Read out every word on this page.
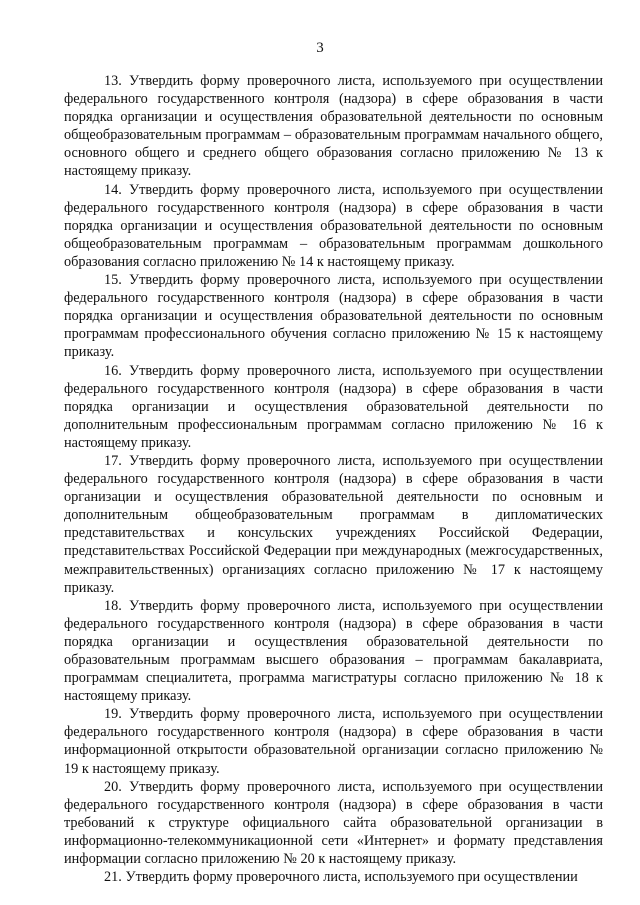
3

13. Утвердить форму проверочного листа, используемого при осуществлении федерального государственного контроля (надзора) в сфере образования в части порядка организации и осуществления образовательной деятельности по основным общеобразовательным программам – образовательным программам начального общего, основного общего и среднего общего образования согласно приложению № 13 к настоящему приказу.

14. Утвердить форму проверочного листа, используемого при осуществлении федерального государственного контроля (надзора) в сфере образования в части порядка организации и осуществления образовательной деятельности по основным общеобразовательным программам – образовательным программам дошкольного образования согласно приложению № 14 к настоящему приказу.

15. Утвердить форму проверочного листа, используемого при осуществлении федерального государственного контроля (надзора) в сфере образования в части порядка организации и осуществления образовательной деятельности по основным программам профессионального обучения согласно приложению № 15 к настоящему приказу.

16. Утвердить форму проверочного листа, используемого при осуществлении федерального государственного контроля (надзора) в сфере образования в части порядка организации и осуществления образовательной деятельности по дополнительным профессиональным программам согласно приложению № 16 к настоящему приказу.

17. Утвердить форму проверочного листа, используемого при осуществлении федерального государственного контроля (надзора) в сфере образования в части организации и осуществления образовательной деятельности по основным и дополнительным общеобразовательным программам в дипломатических представительствах и консульских учреждениях Российской Федерации, представительствах Российской Федерации при международных (межгосударственных, межправительственных) организациях согласно приложению № 17 к настоящему приказу.

18. Утвердить форму проверочного листа, используемого при осуществлении федерального государственного контроля (надзора) в сфере образования в части порядка организации и осуществления образовательной деятельности по образовательным программам высшего образования – программам бакалавриата, программам специалитета, программа магистратуры согласно приложению № 18 к настоящему приказу.

19. Утвердить форму проверочного листа, используемого при осуществлении федерального государственного контроля (надзора) в сфере образования в части информационной открытости образовательной организации согласно приложению № 19 к настоящему приказу.

20. Утвердить форму проверочного листа, используемого при осуществлении федерального государственного контроля (надзора) в сфере образования в части требований к структуре официального сайта образовательной организации в информационно-телекоммуникационной сети «Интернет» и формату представления информации согласно приложению № 20 к настоящему приказу.

21. Утвердить форму проверочного листа, используемого при осуществлении
